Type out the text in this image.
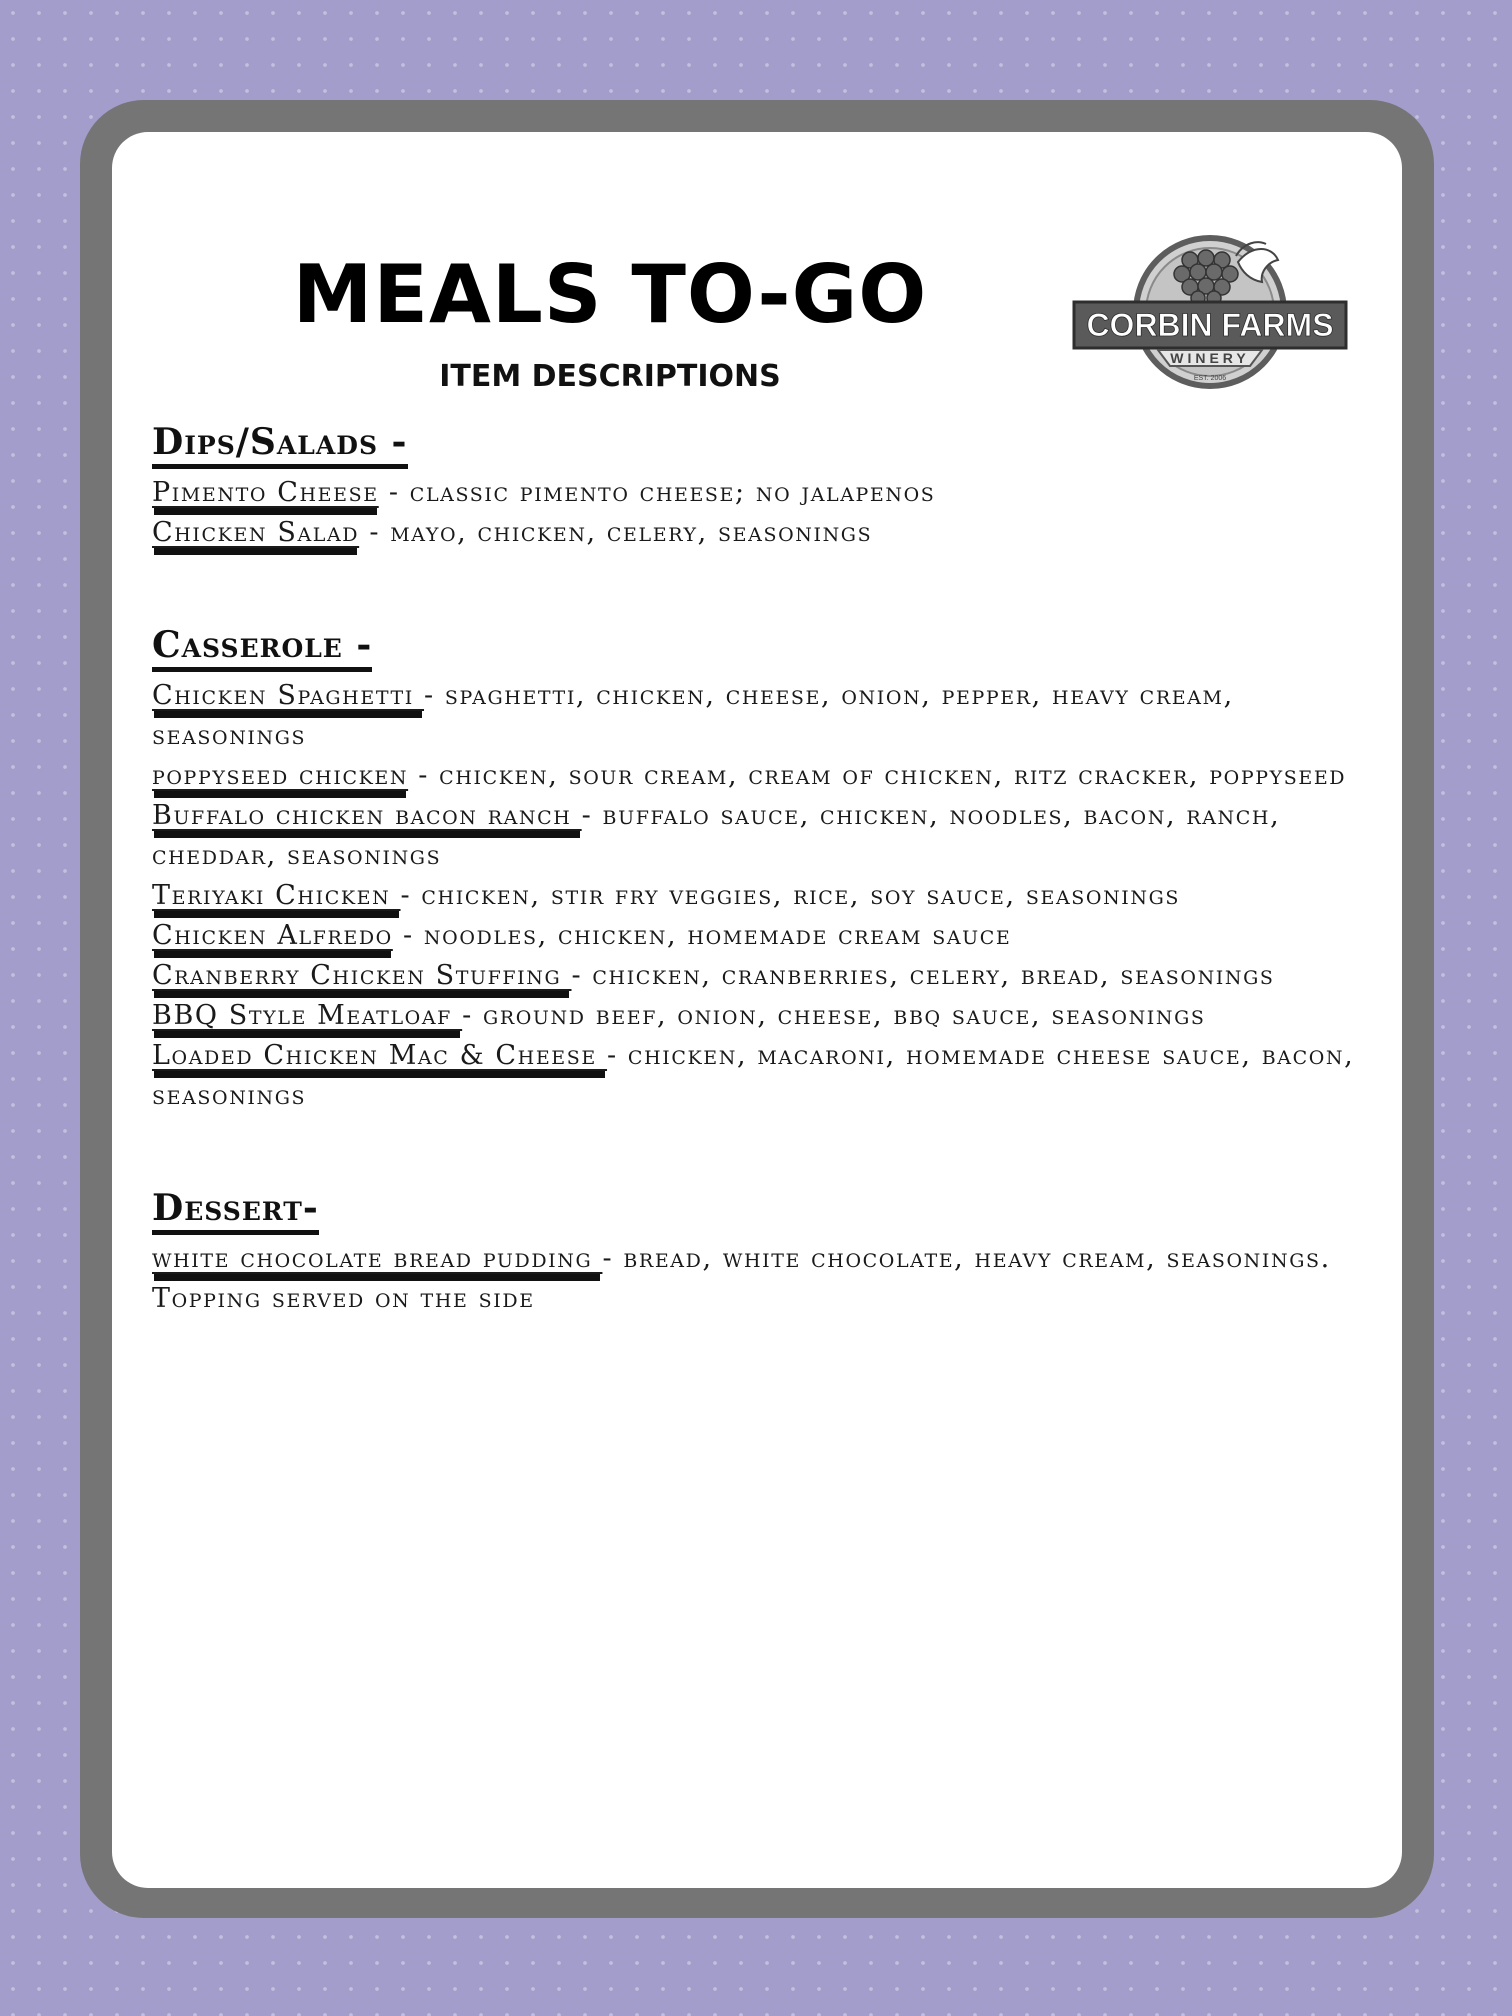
MEALS TO-GO
ITEM DESCRIPTIONS
CORBIN FARMS
WINERY
EST. 2006
Dips/Salads -

Pimento Cheese - classic pimento cheese; no jalapenos

Chicken Salad - mayo, chicken, celery, seasonings

Casserole -

Chicken Spaghetti - spaghetti, chicken, cheese, onion, pepper, heavy cream, seasonings

poppyseed chicken - chicken, sour cream, cream of chicken, ritz cracker, poppyseed

Buffalo chicken bacon ranch - buffalo sauce, chicken, noodles, bacon, ranch, cheddar, seasonings

Teriyaki Chicken - chicken, stir fry veggies, rice, soy sauce, seasonings

Chicken Alfredo - noodles, chicken, homemade cream sauce

Cranberry Chicken Stuffing - chicken, cranberries, celery, bread, seasonings

BBQ Style Meatloaf - ground beef, onion, cheese, bbq sauce, seasonings

Loaded Chicken Mac & Cheese - chicken, macaroni, homemade cheese sauce, bacon, seasonings

Dessert-

white chocolate bread pudding - bread, white chocolate, heavy cream, seasonings. Topping served on the side
